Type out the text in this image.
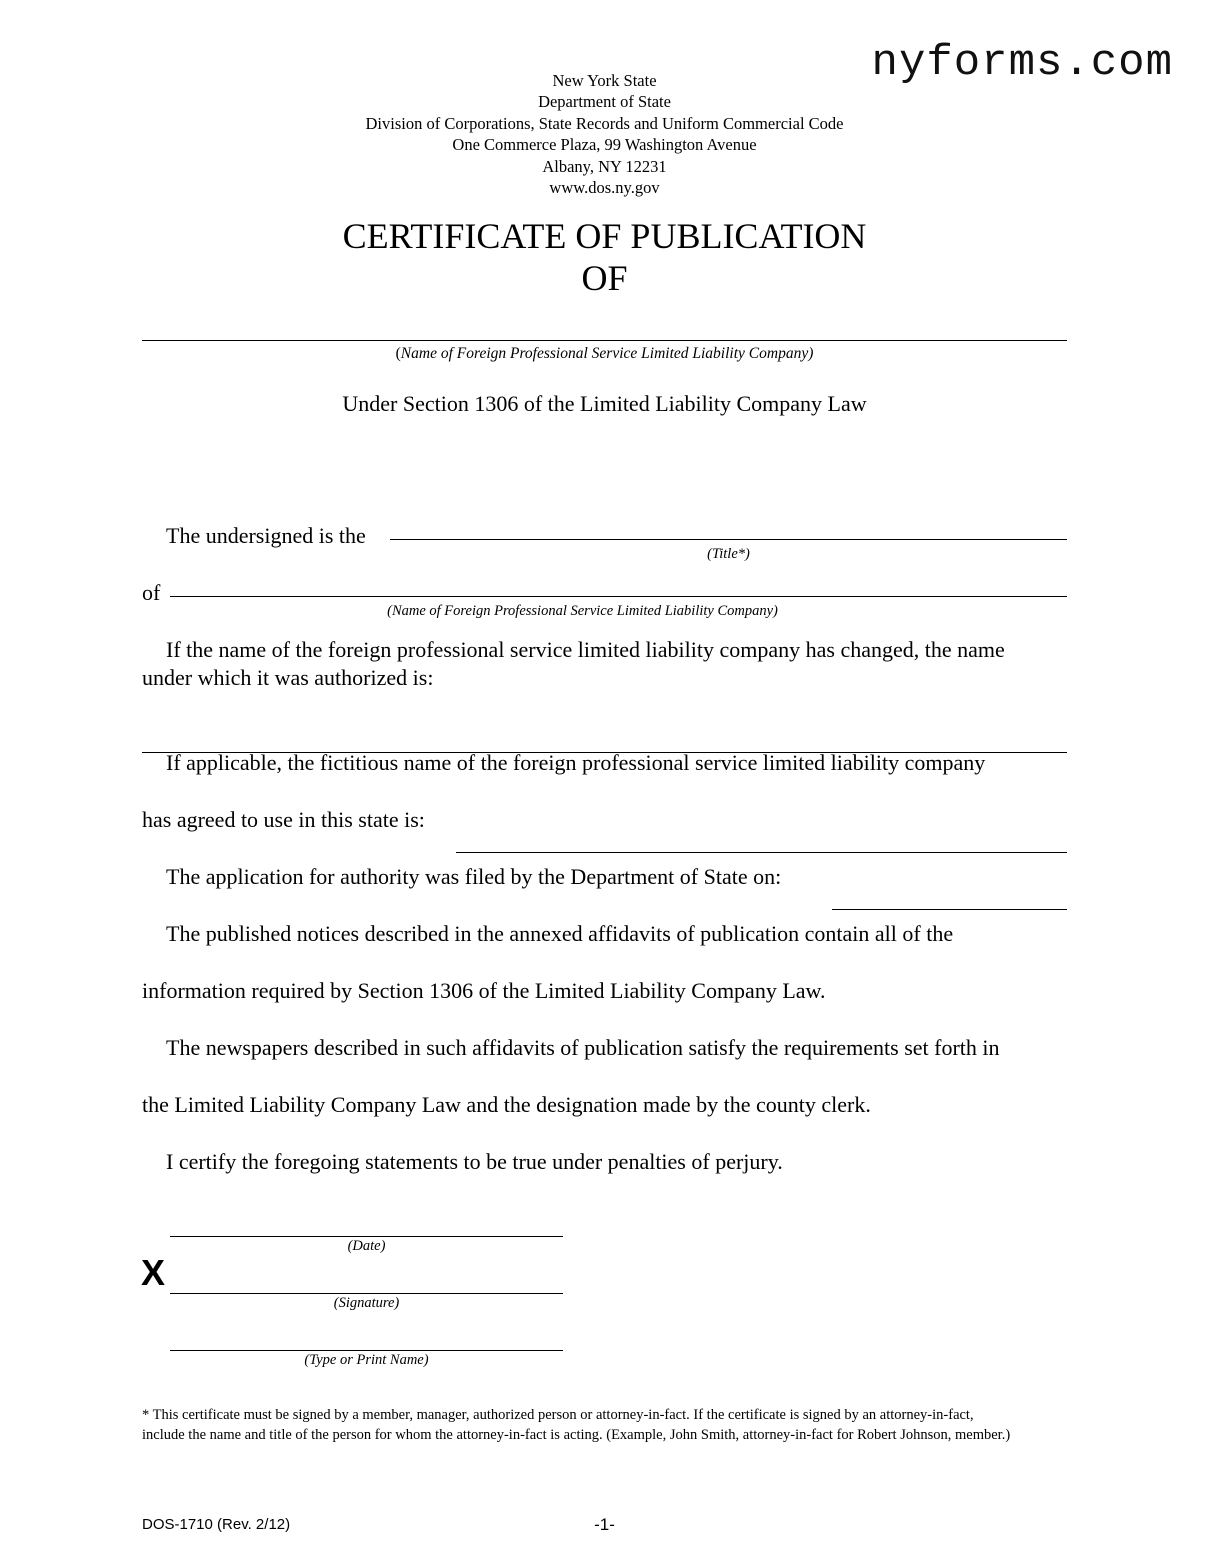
nyforms.com
New York State
Department of State
Division of Corporations, State Records and Uniform Commercial Code
One Commerce Plaza, 99 Washington Avenue
Albany, NY 12231
www.dos.ny.gov
CERTIFICATE OF PUBLICATION
OF
(Name of Foreign Professional Service Limited Liability Company)
Under Section 1306 of the Limited Liability Company Law
The undersigned is the
(Title*)
of
(Name of Foreign Professional Service Limited Liability Company)
If the name of the foreign professional service limited liability company has changed, the name
under which it was authorized is:
If applicable, the fictitious name of the foreign professional service limited liability company
has agreed to use in this state is:
The application for authority was filed by the Department of State on:
The published notices described in the annexed affidavits of publication contain all of the
information required by Section 1306 of the Limited Liability Company Law.
The newspapers described in such affidavits of publication satisfy the requirements set forth in
the Limited Liability Company Law and the designation made by the county clerk.
I certify the foregoing statements to be true under penalties of perjury.
(Date)
X
(Signature)
(Type or Print Name)
* This certificate must be signed by a member, manager, authorized person or attorney-in-fact. If the certificate is signed by an attorney-in-fact,
include the name and title of the person for whom the attorney-in-fact is acting. (Example, John Smith, attorney-in-fact for Robert Johnson, member.)
DOS-1710 (Rev. 2/12)	-1-
